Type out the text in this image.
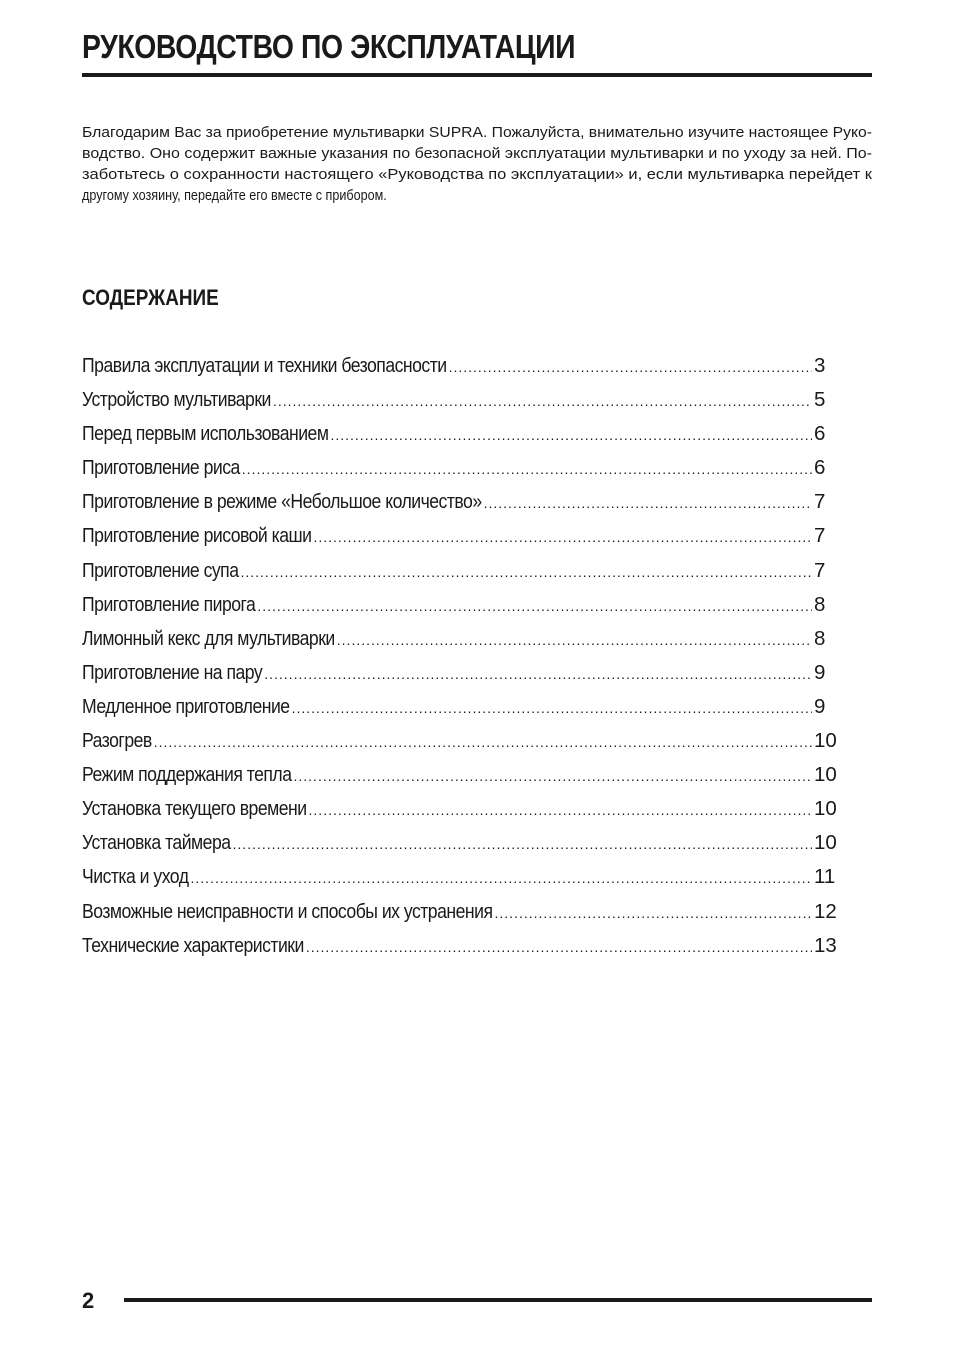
РУКОВОДСТВО ПО ЭКСПЛУАТАЦИИ
Благодарим Вас за приобретение мультиварки SUPRA. Пожалуйста, внимательно изучите настоящее Руко-
водство. Оно содержит важные указания по безопасной эксплуатации мультиварки и по уходу за ней. По-
заботьтесь о сохранности настоящего «Руководства по эксплуатации» и, если мультиварка перейдет к
другому хозяину, передайте его вместе с прибором.
СОДЕРЖАНИЕ
Правила эксплуатации и техники безопасности .....	3
Устройство мультиварки .....	5
Перед первым использованием .....	6
Приготовление риса .....	6
Приготовление в режиме «Небольшое количество» .....	7
Приготовление рисовой каши .....	7
Приготовление супа .....	7
Приготовление пирога .....	8
Лимонный кекс для мультиварки .....	8
Приготовление на пару .....	9
Медленное приготовление .....	9
Разогрев .....	10
Режим поддержания тепла .....	10
Установка текущего времени .....	10
Установка таймера .....	10
Чистка и уход .....	11
Возможные неисправности и способы их устранения .....	12
Технические характеристики .....	13
2
